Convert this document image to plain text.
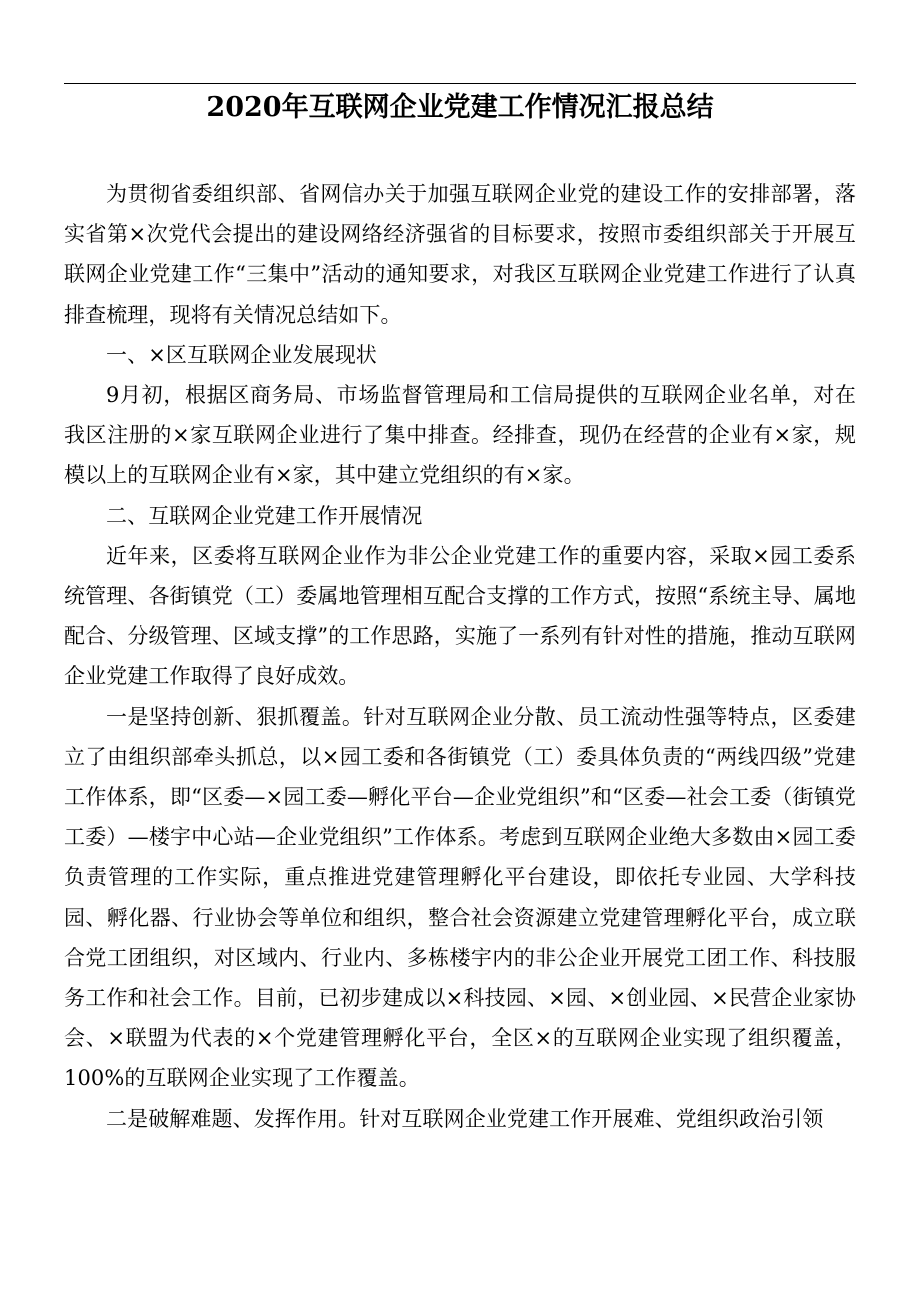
2020年互联网企业党建工作情况汇报总结

为贯彻省委组织部、省网信办关于加强互联网企业党的建设工作的安排部署，落实省第×次党代会提出的建设网络经济强省的目标要求，按照市委组织部关于开展互联网企业党建工作“三集中”活动的通知要求，对我区互联网企业党建工作进行了认真排查梳理，现将有关情况总结如下。

一、×区互联网企业发展现状

9月初，根据区商务局、市场监督管理局和工信局提供的互联网企业名单，对在我区注册的×家互联网企业进行了集中排查。经排查，现仍在经营的企业有×家，规模以上的互联网企业有×家，其中建立党组织的有×家。

二、互联网企业党建工作开展情况

近年来，区委将互联网企业作为非公企业党建工作的重要内容，采取×园工委系统管理、各街镇党（工）委属地管理相互配合支撑的工作方式，按照“系统主导、属地配合、分级管理、区域支撑”的工作思路，实施了一系列有针对性的措施，推动互联网企业党建工作取得了良好成效。

一是坚持创新、狠抓覆盖。针对互联网企业分散、员工流动性强等特点，区委建立了由组织部牵头抓总，以×园工委和各街镇党（工）委具体负责的“两线四级”党建工作体系，即“区委—×园工委—孵化平台—企业党组织”和“区委—社会工委（街镇党工委）—楼宇中心站—企业党组织”工作体系。考虑到互联网企业绝大多数由×园工委负责管理的工作实际，重点推进党建管理孵化平台建设，即依托专业园、大学科技园、孵化器、行业协会等单位和组织，整合社会资源建立党建管理孵化平台，成立联合党工团组织，对区域内、行业内、多栋楼宇内的非公企业开展党工团工作、科技服务工作和社会工作。目前，已初步建成以×科技园、×园、×创业园、×民营企业家协会、×联盟为代表的×个党建管理孵化平台，全区×的互联网企业实现了组织覆盖，100%的互联网企业实现了工作覆盖。

二是破解难题、发挥作用。针对互联网企业党建工作开展难、党组织政治引领
